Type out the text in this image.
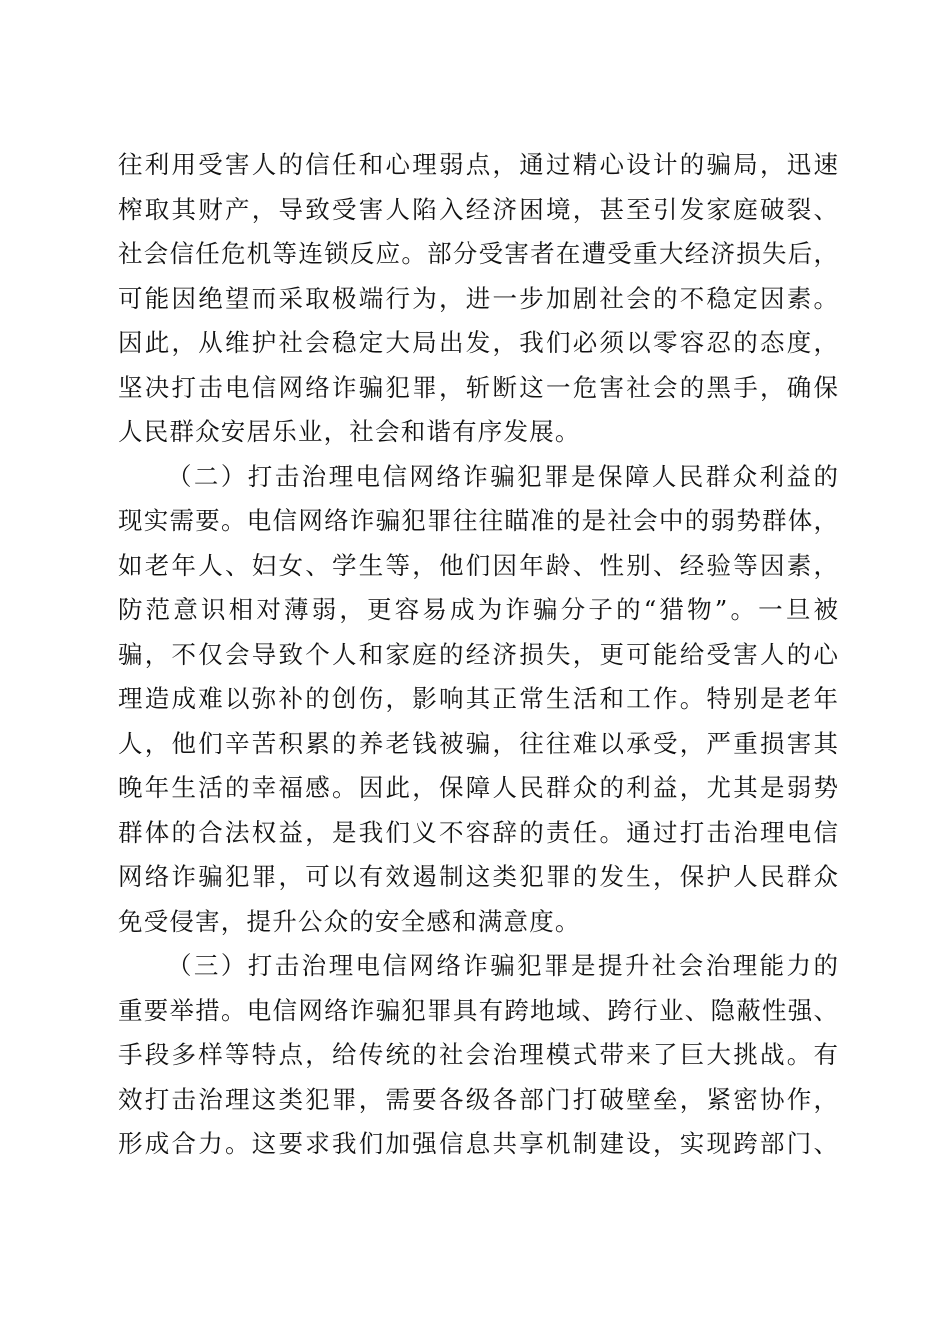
往利用受害人的信任和心理弱点，通过精心设计的骗局，迅速
榨取其财产，导致受害人陷入经济困境，甚至引发家庭破裂、
社会信任危机等连锁反应。部分受害者在遭受重大经济损失后，
可能因绝望而采取极端行为，进一步加剧社会的不稳定因素。
因此，从维护社会稳定大局出发，我们必须以零容忍的态度，
坚决打击电信网络诈骗犯罪，斩断这一危害社会的黑手，确保
人民群众安居乐业，社会和谐有序发展。
（二）打击治理电信网络诈骗犯罪是保障人民群众利益的
现实需要。电信网络诈骗犯罪往往瞄准的是社会中的弱势群体，
如老年人、妇女、学生等，他们因年龄、性别、经验等因素，
防范意识相对薄弱，更容易成为诈骗分子的“猎物”。一旦被
骗，不仅会导致个人和家庭的经济损失，更可能给受害人的心
理造成难以弥补的创伤，影响其正常生活和工作。特别是老年
人，他们辛苦积累的养老钱被骗，往往难以承受，严重损害其
晚年生活的幸福感。因此，保障人民群众的利益，尤其是弱势
群体的合法权益，是我们义不容辞的责任。通过打击治理电信
网络诈骗犯罪，可以有效遏制这类犯罪的发生，保护人民群众
免受侵害，提升公众的安全感和满意度。
（三）打击治理电信网络诈骗犯罪是提升社会治理能力的
重要举措。电信网络诈骗犯罪具有跨地域、跨行业、隐蔽性强、
手段多样等特点，给传统的社会治理模式带来了巨大挑战。有
效打击治理这类犯罪，需要各级各部门打破壁垒，紧密协作，
形成合力。这要求我们加强信息共享机制建设，实现跨部门、
